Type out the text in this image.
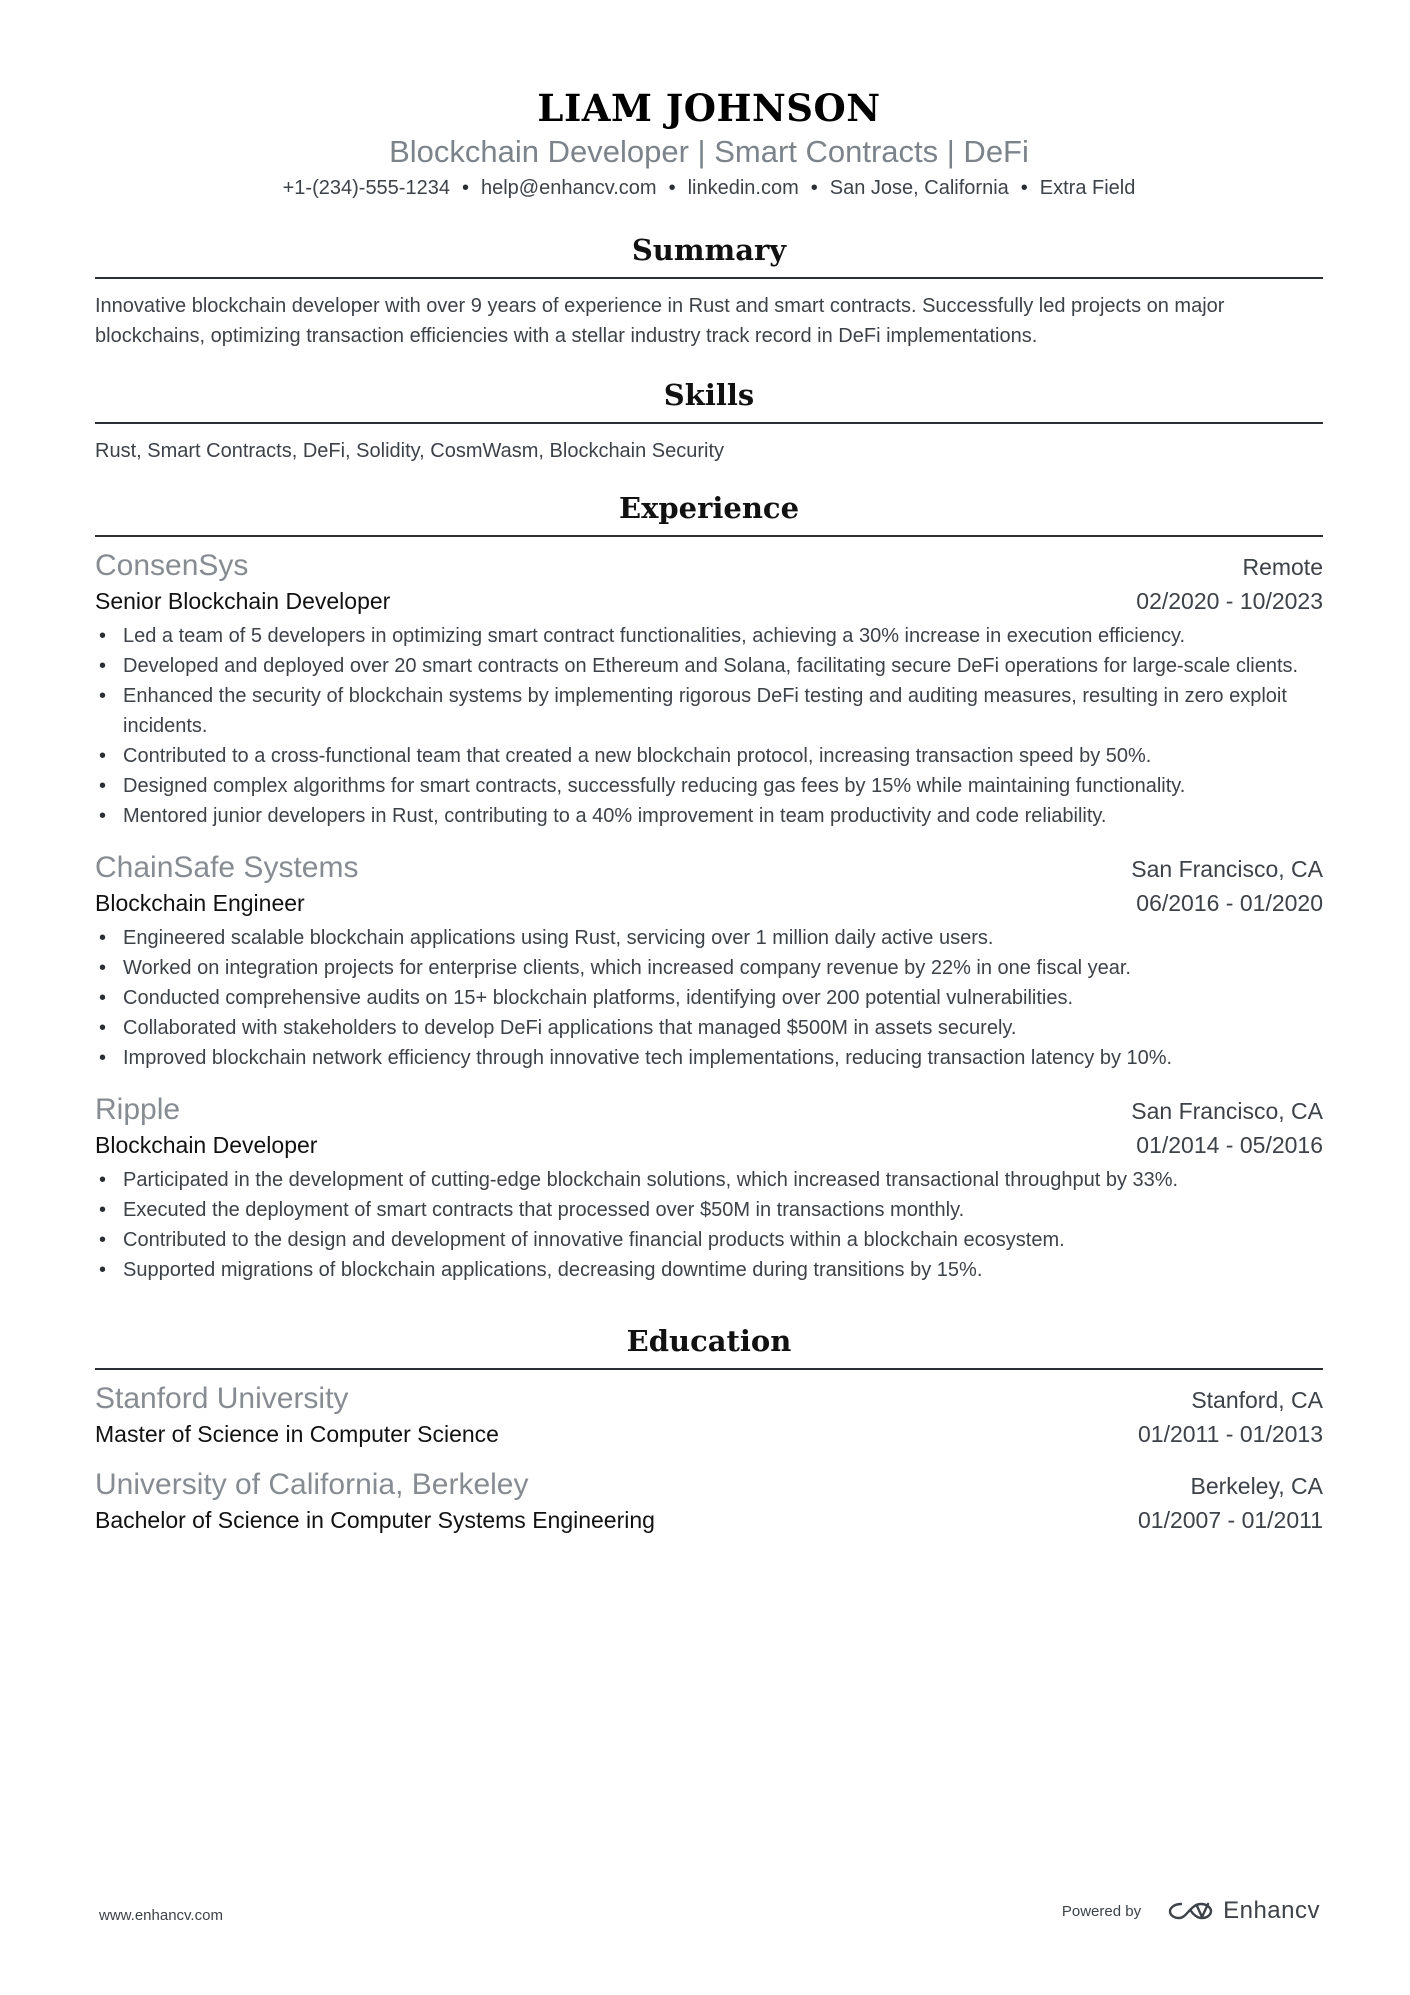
LIAM JOHNSON
Blockchain Developer | Smart Contracts | DeFi
+1-(234)-555-1234 • help@enhancv.com • linkedin.com • San Jose, California • Extra Field
Summary
Innovative blockchain developer with over 9 years of experience in Rust and smart contracts. Successfully led projects on major blockchains, optimizing transaction efficiencies with a stellar industry track record in DeFi implementations.
Skills
Rust, Smart Contracts, DeFi, Solidity, CosmWasm, Blockchain Security
Experience
ConsenSys	Remote
Senior Blockchain Developer	02/2020 - 10/2023
• Led a team of 5 developers in optimizing smart contract functionalities, achieving a 30% increase in execution efficiency.
• Developed and deployed over 20 smart contracts on Ethereum and Solana, facilitating secure DeFi operations for large-scale clients.
• Enhanced the security of blockchain systems by implementing rigorous DeFi testing and auditing measures, resulting in zero exploit incidents.
• Contributed to a cross-functional team that created a new blockchain protocol, increasing transaction speed by 50%.
• Designed complex algorithms for smart contracts, successfully reducing gas fees by 15% while maintaining functionality.
• Mentored junior developers in Rust, contributing to a 40% improvement in team productivity and code reliability.
ChainSafe Systems	San Francisco, CA
Blockchain Engineer	06/2016 - 01/2020
• Engineered scalable blockchain applications using Rust, servicing over 1 million daily active users.
• Worked on integration projects for enterprise clients, which increased company revenue by 22% in one fiscal year.
• Conducted comprehensive audits on 15+ blockchain platforms, identifying over 200 potential vulnerabilities.
• Collaborated with stakeholders to develop DeFi applications that managed $500M in assets securely.
• Improved blockchain network efficiency through innovative tech implementations, reducing transaction latency by 10%.
Ripple	San Francisco, CA
Blockchain Developer	01/2014 - 05/2016
• Participated in the development of cutting-edge blockchain solutions, which increased transactional throughput by 33%.
• Executed the deployment of smart contracts that processed over $50M in transactions monthly.
• Contributed to the design and development of innovative financial products within a blockchain ecosystem.
• Supported migrations of blockchain applications, decreasing downtime during transitions by 15%.
Education
Stanford University	Stanford, CA
Master of Science in Computer Science	01/2011 - 01/2013
University of California, Berkeley	Berkeley, CA
Bachelor of Science in Computer Systems Engineering	01/2007 - 01/2011
www.enhancv.com	Powered by	Enhancv
